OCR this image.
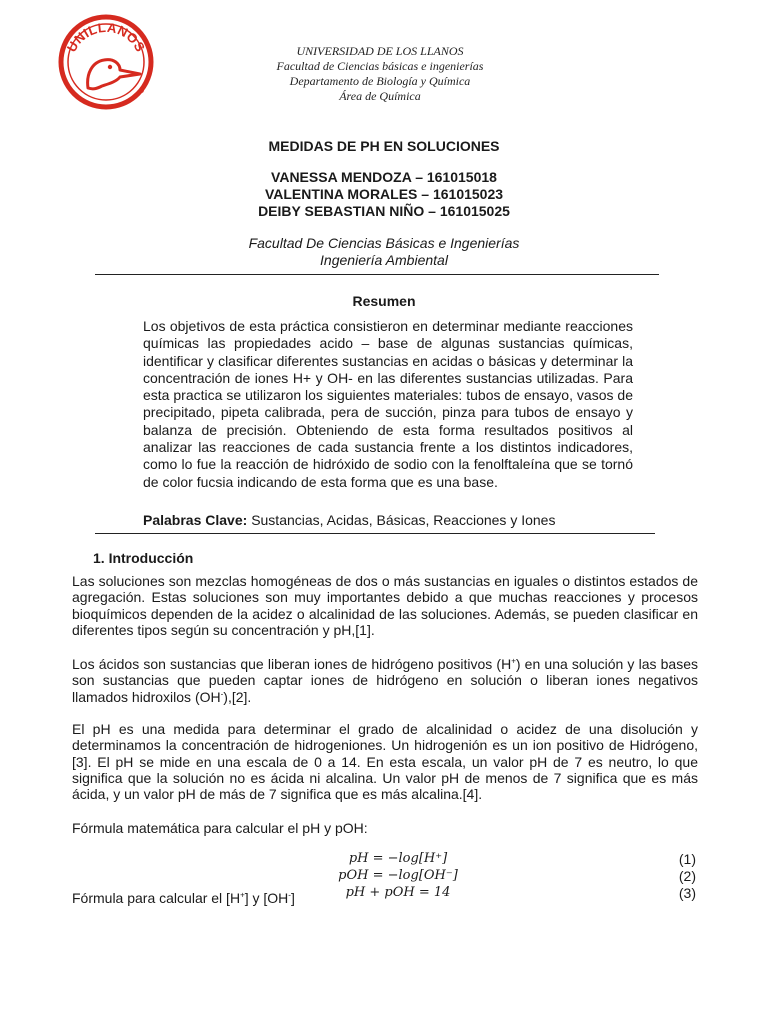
UNILLANOS
®
UNIVERSIDAD DE LOS LLANOS
Facultad de Ciencias básicas e ingenierías
Departamento de Biología y Química
Área de Química
MEDIDAS DE PH EN SOLUCIONES
VANESSA MENDOZA – 161015018
VALENTINA MORALES – 161015023
DEIBY SEBASTIAN NIÑO – 161015025
Facultad De Ciencias Básicas e Ingenierías
Ingeniería Ambiental
Resumen
Los objetivos de esta práctica consistieron en determinar mediante reacciones químicas las propiedades acido – base de algunas sustancias químicas, identificar y clasificar diferentes sustancias en acidas o básicas y determinar la concentración de iones H+ y OH- en las diferentes sustancias utilizadas. Para esta practica se utilizaron los siguientes materiales: tubos de ensayo, vasos de precipitado, pipeta calibrada, pera de succión, pinza para tubos de ensayo y balanza de precisión. Obteniendo de esta forma resultados positivos al analizar las reacciones de cada sustancia frente a los distintos indicadores, como lo fue la reacción de hidróxido de sodio con la fenolftaleína que se tornó de color fucsia indicando de esta forma que es una base.
Palabras Clave: Sustancias, Acidas, Básicas, Reacciones y Iones
1. Introducción
Las soluciones son mezclas homogéneas de dos o más sustancias en iguales o distintos estados de agregación. Estas soluciones son muy importantes debido a que muchas reacciones y procesos bioquímicos dependen de la acidez o alcalinidad de las soluciones. Además, se pueden clasificar en diferentes tipos según su concentración y pH,[1].

Los ácidos son sustancias que liberan iones de hidrógeno positivos (H+) en una solución y las bases son sustancias que pueden captar iones de hidrógeno en solución o liberan iones negativos llamados hidroxilos (OH-),[2].

El pH es una medida para determinar el grado de alcalinidad o acidez de una disolución y determinamos la concentración de hidrogeniones. Un hidrogenión es un ion positivo de Hidrógeno,[3]. El pH se mide en una escala de 0 a 14. En esta escala, un valor pH de 7 es neutro, lo que significa que la solución no es ácida ni alcalina. Un valor pH de menos de 7 significa que es más ácida, y un valor pH de más de 7 significa que es más alcalina.[4].
Fórmula matemática para calcular el pH y pOH:
pH = −log[H⁺]	(1)
pOH = −log[OH⁻]	(2)
pH + pOH = 14	(3)

Fórmula para calcular el [H+] y [OH-]
